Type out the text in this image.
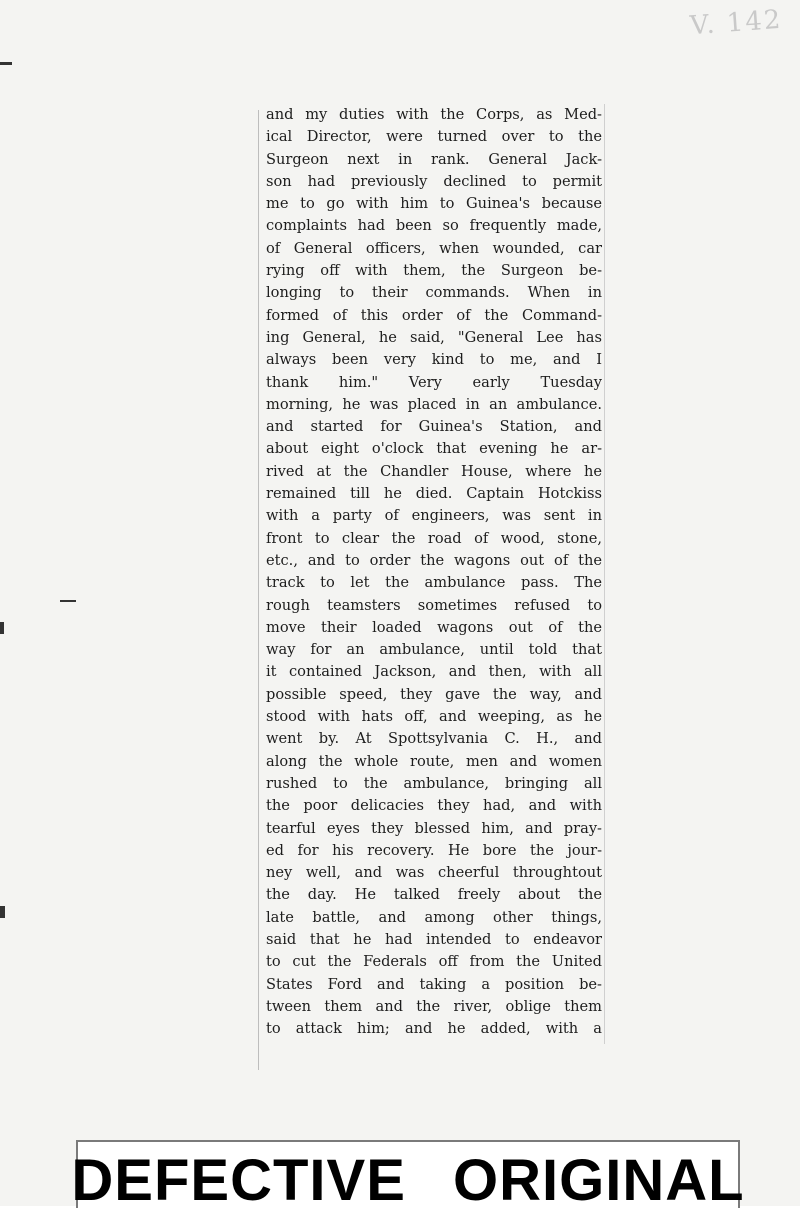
V. 142
and my duties with the Corps, as Med-
ical Director, were turned over to the
Surgeon next in rank. General Jack-
son had previously declined to permit
me to go with him to Guinea's because
complaints had been so frequently made,
of General officers, when wounded, car
rying off with them, the Surgeon be-
longing to their commands. When in
formed of this order of the Command-
ing General, he said, "General Lee has
always been very kind to me, and I
thank him." Very early Tuesday
morning, he was placed in an ambulance.
and started for Guinea's Station, and
about eight o'clock that evening he ar-
rived at the Chandler House, where he
remained till he died. Captain Hotckiss
with a party of engineers, was sent in
front to clear the road of wood, stone,
etc., and to order the wagons out of the
track to let the ambulance pass. The
rough teamsters sometimes refused to
move their loaded wagons out of the
way for an ambulance, until told that
it contained Jackson, and then, with all
possible speed, they gave the way, and
stood with hats off, and weeping, as he
went by. At Spottsylvania C. H., and
along the whole route, men and women
rushed to the ambulance, bringing all
the poor delicacies they had, and with
tearful eyes they blessed him, and pray-
ed for his recovery. He bore the jour-
ney well, and was cheerful throughtout
the day. He talked freely about the
late battle, and among other things,
said that he had intended to endeavor
to cut the Federals off from the United
States Ford and taking a position be-
tween them and the river, oblige them
to attack him; and he added, with a
DEFECTIVE ORIGINAL
